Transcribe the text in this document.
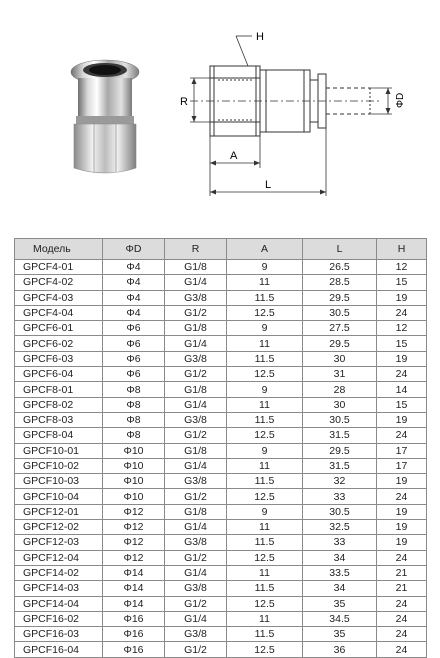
H
R	ΦD
A
L
Модель	ΦD	R	A	L	H
GPCF4-01	Φ4	G1/8	9	26.5	12
GPCF4-02	Φ4	G1/4	11	28.5	15
GPCF4-03	Φ4	G3/8	11.5	29.5	19
GPCF4-04	Φ4	G1/2	12.5	30.5	24
GPCF6-01	Φ6	G1/8	9	27.5	12
GPCF6-02	Φ6	G1/4	11	29.5	15
GPCF6-03	Φ6	G3/8	11.5	30	19
GPCF6-04	Φ6	G1/2	12.5	31	24
GPCF8-01	Φ8	G1/8	9	28	14
GPCF8-02	Φ8	G1/4	11	30	15
GPCF8-03	Φ8	G3/8	11.5	30.5	19
GPCF8-04	Φ8	G1/2	12.5	31.5	24
GPCF10-01	Φ10	G1/8	9	29.5	17
GPCF10-02	Φ10	G1/4	11	31.5	17
GPCF10-03	Φ10	G3/8	11.5	32	19
GPCF10-04	Φ10	G1/2	12.5	33	24
GPCF12-01	Φ12	G1/8	9	30.5	19
GPCF12-02	Φ12	G1/4	11	32.5	19
GPCF12-03	Φ12	G3/8	11.5	33	19
GPCF12-04	Φ12	G1/2	12.5	34	24
GPCF14-02	Φ14	G1/4	11	33.5	21
GPCF14-03	Φ14	G3/8	11.5	34	21
GPCF14-04	Φ14	G1/2	12.5	35	24
GPCF16-02	Φ16	G1/4	11	34.5	24
GPCF16-03	Φ16	G3/8	11.5	35	24
GPCF16-04	Φ16	G1/2	12.5	36	24
